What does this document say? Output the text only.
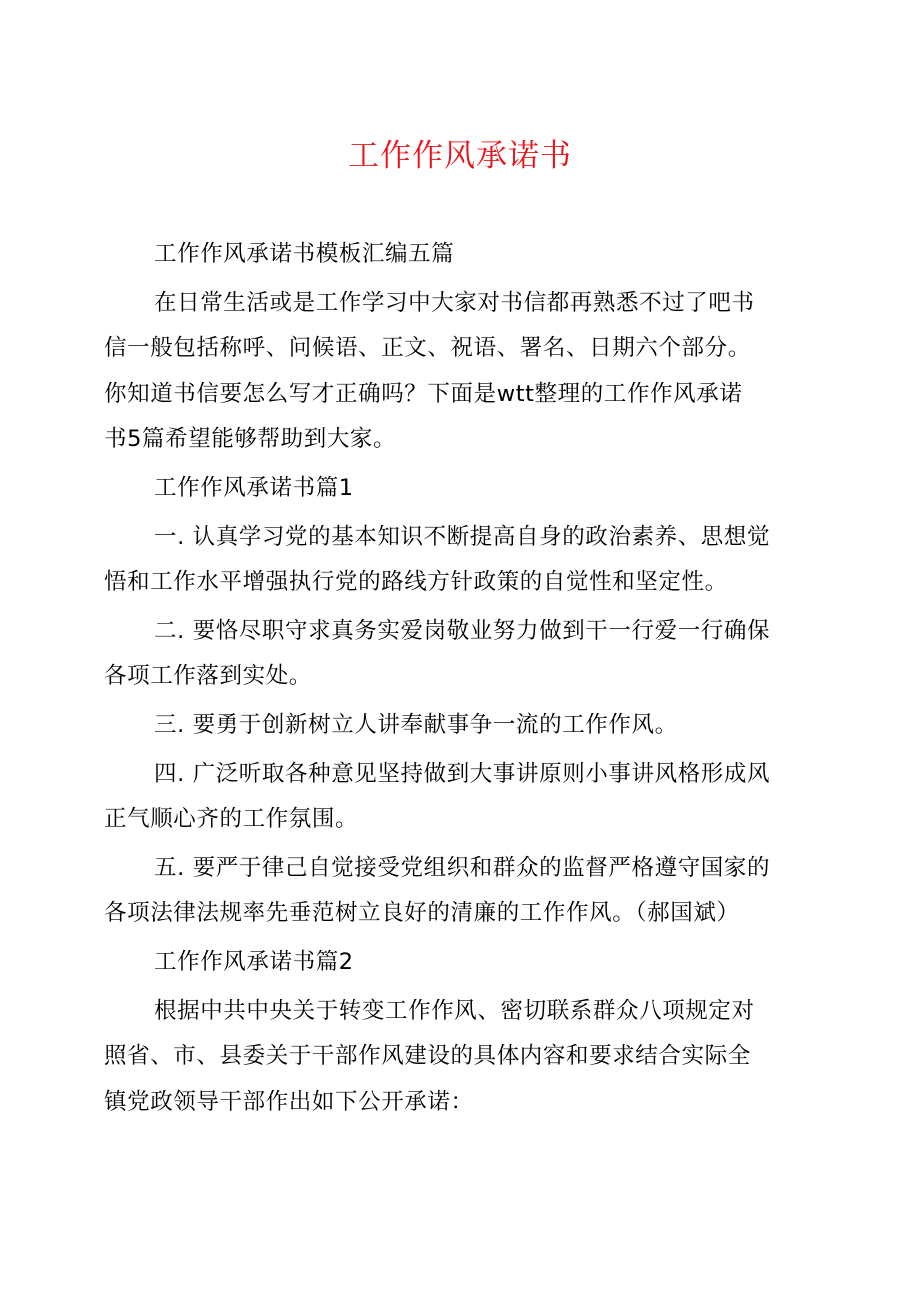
工作作风承诺书

工作作风承诺书模板汇编五篇

在日常生活或是工作学习中大家对书信都再熟悉不过了吧书
信一般包括称呼、问候语、正文、祝语、署名、日期六个部分。
你知道书信要怎么写才正确吗？下面是wtt整理的工作作风承诺
书5篇希望能够帮助到大家。

工作作风承诺书篇1

一. 认真学习党的基本知识不断提高自身的政治素养、思想觉
悟和工作水平增强执行党的路线方针政策的自觉性和坚定性。

二. 要恪尽职守求真务实爱岗敬业努力做到干一行爱一行确保
各项工作落到实处。

三. 要勇于创新树立人讲奉献事争一流的工作作风。

四. 广泛听取各种意见坚持做到大事讲原则小事讲风格形成风
正气顺心齐的工作氛围。

五. 要严于律己自觉接受党组织和群众的监督严格遵守国家的
各项法律法规率先垂范树立良好的清廉的工作作风。（郝国斌）

工作作风承诺书篇2

根据中共中央关于转变工作作风、密切联系群众八项规定对
照省、市、县委关于干部作风建设的具体内容和要求结合实际全
镇党政领导干部作出如下公开承诺：
